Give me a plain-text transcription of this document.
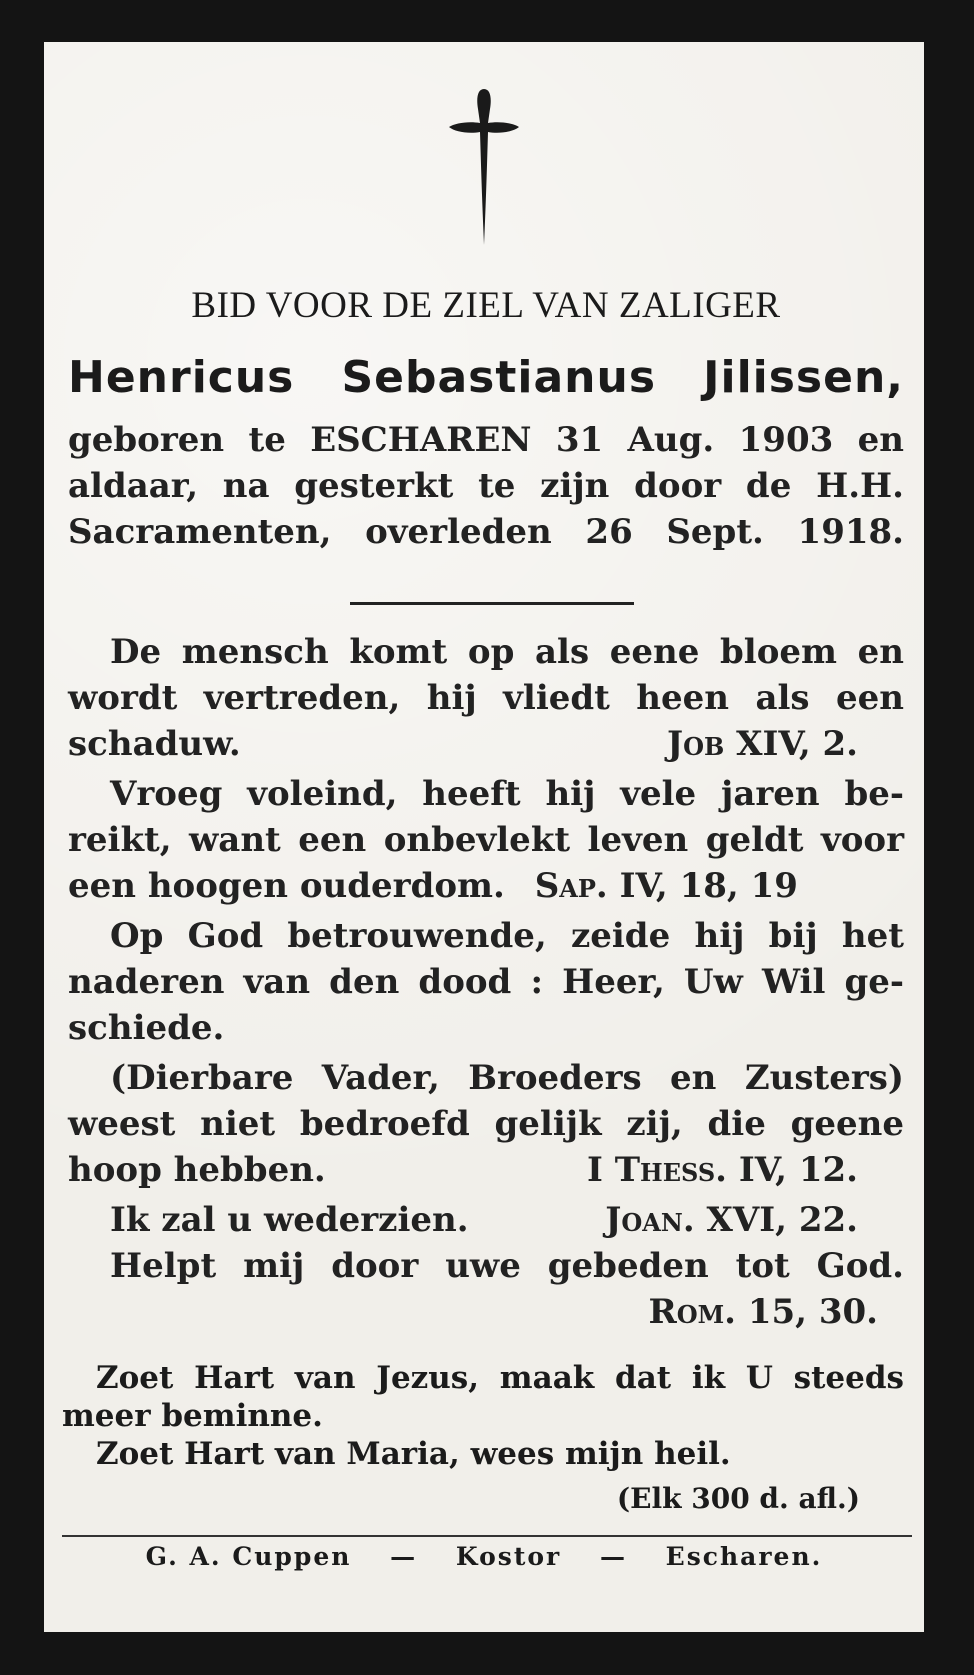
BID VOOR DE ZIEL VAN ZALIGER
Henricus Sebastianus Jilissen,
geboren te ESCHAREN 31 Aug. 1903 en
aldaar, na gesterkt te zijn door de H.H.
Sacramenten, overleden 26 Sept. 1918.
De mensch komt op als eene bloem en
wordt vertreden, hij vliedt heen als een
schaduw.	Job XIV, 2.
Vroeg voleind, heeft hij vele jaren be-
reikt, want een onbevlekt leven geldt voor
een hoogen ouderdom. Sap. IV, 18, 19
Op God betrouwende, zeide hij bij het
naderen van den dood : Heer, Uw Wil ge-
schiede.
(Dierbare Vader, Broeders en Zusters)
weest niet bedroefd gelijk zij, die geene
hoop hebben.	I Thess. IV, 12.
Ik zal u wederzien.	Joan. XVI, 22.
Helpt mij door uwe gebeden tot God.
Rom. 15, 30.
Zoet Hart van Jezus, maak dat ik U steeds
meer beminne.
Zoet Hart van Maria, wees mijn heil.
(Elk 300 d. afl.)
G. A. Cuppen — Kostor — Escharen.
